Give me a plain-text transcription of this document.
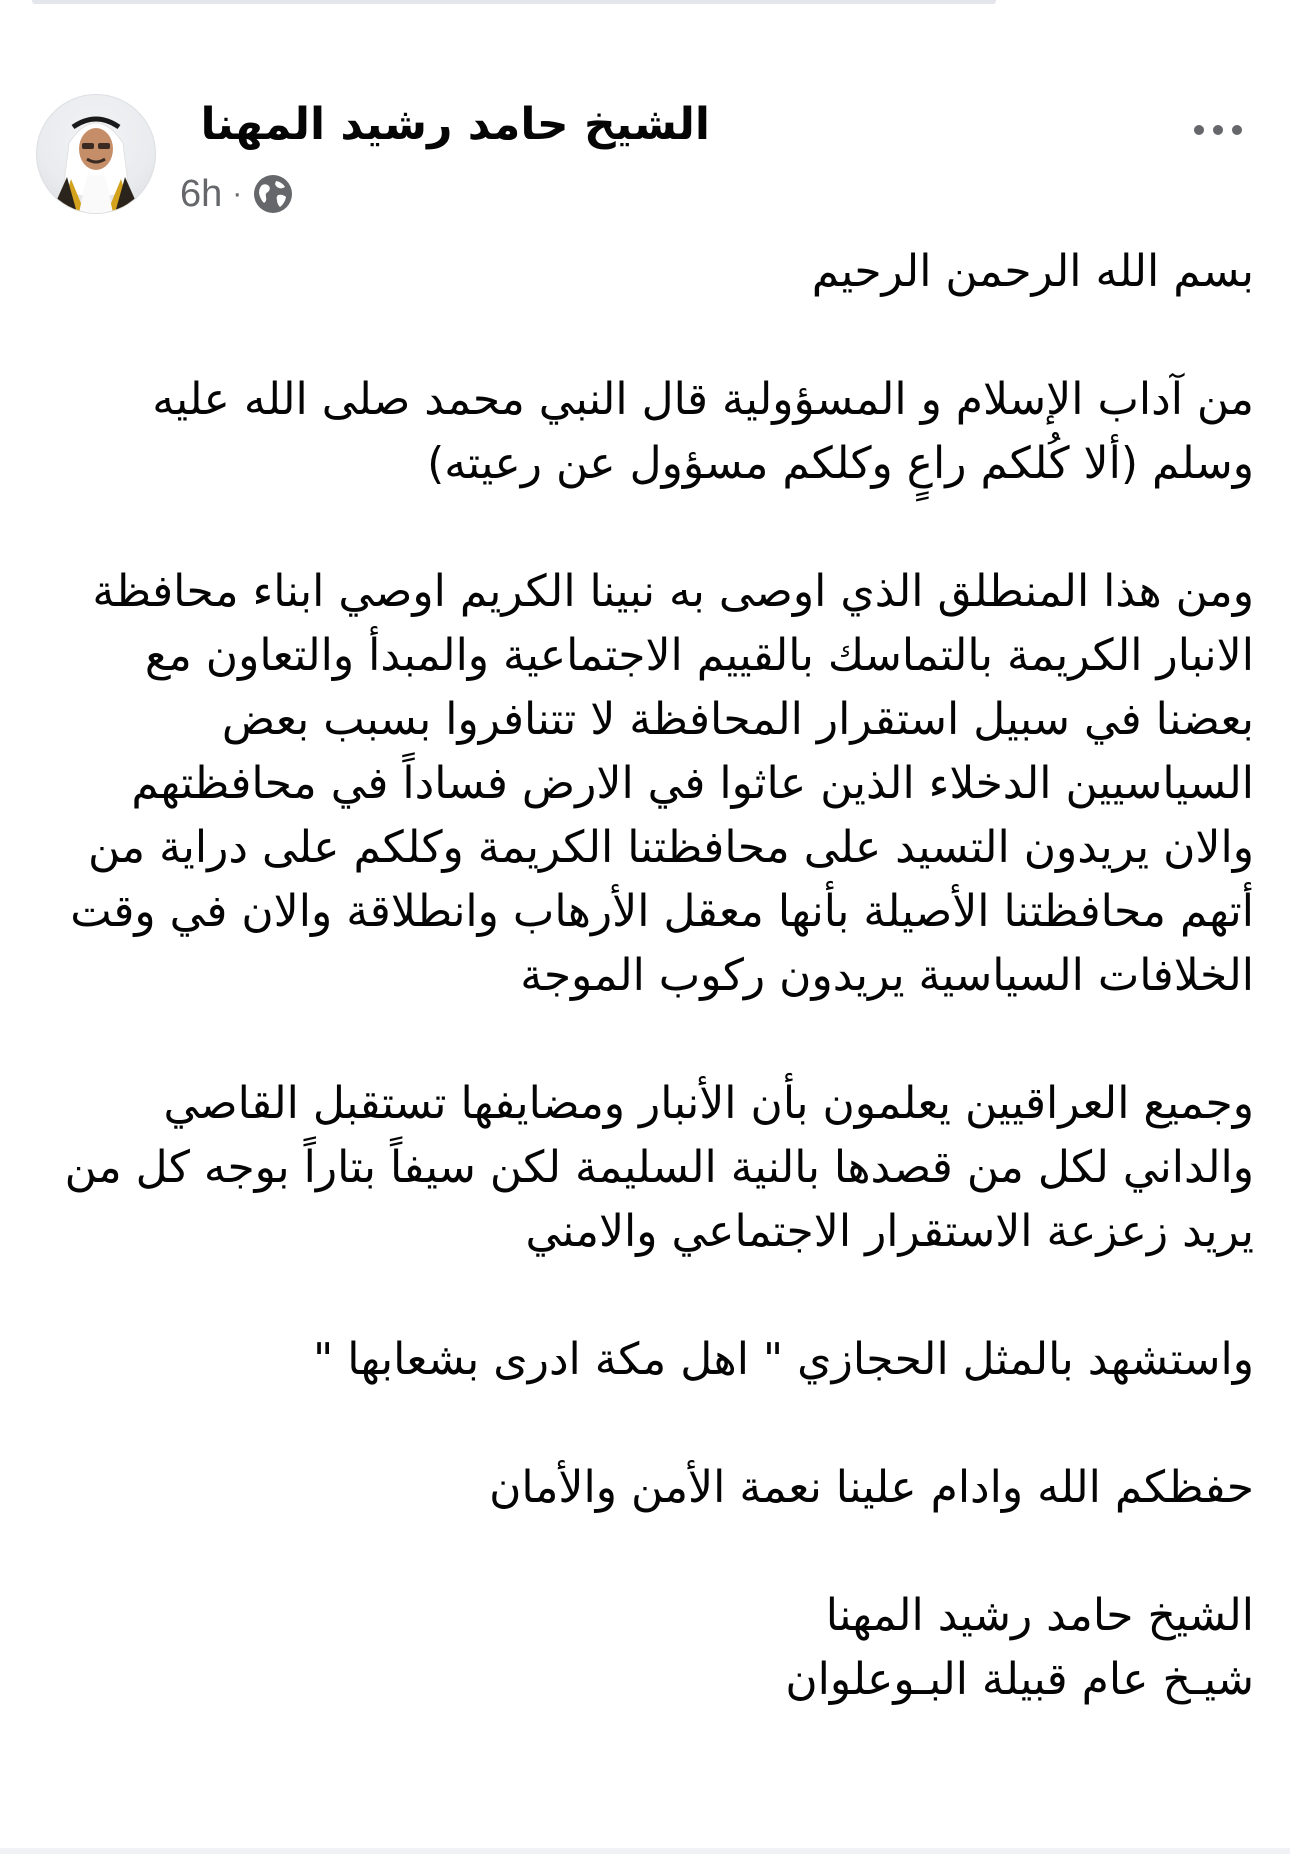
الشيخ حامد رشيد المهنا
6h ·

بسم الله الرحمن الرحيم

من آداب الإسلام و المسؤولية قال النبي محمد صلى الله عليه وسلم (ألا كُلكم راعٍ وكلكم مسؤول عن رعيته)

ومن هذا المنطلق الذي اوصى به نبينا الكريم اوصي ابناء محافظة الانبار الكريمة بالتماسك بالقييم الاجتماعية والمبدأ والتعاون مع بعضنا في سبيل استقرار المحافظة لا تتنافروا بسبب بعض السياسيين الدخلاء الذين عاثوا في الارض فساداً في محافظتهم والان يريدون التسيد على محافظتنا الكريمة وكلكم على دراية من أتهم محافظتنا الأصيلة بأنها معقل الأرهاب وانطلاقة والان في وقت الخلافات السياسية يريدون ركوب الموجة

وجميع العراقيين يعلمون بأن الأنبار ومضايفها تستقبل القاصي والداني لكل من قصدها بالنية السليمة لكن سيفاً بتاراً بوجه كل من يريد زعزعة الاستقرار الاجتماعي والامني

واستشهد بالمثل الحجازي " اهل مكة ادرى بشعابها "

حفظكم الله وادام علينا نعمة الأمن والأمان

الشيخ حامد رشيد المهنا
شيـخ عام قبيلة البـوعلوان
